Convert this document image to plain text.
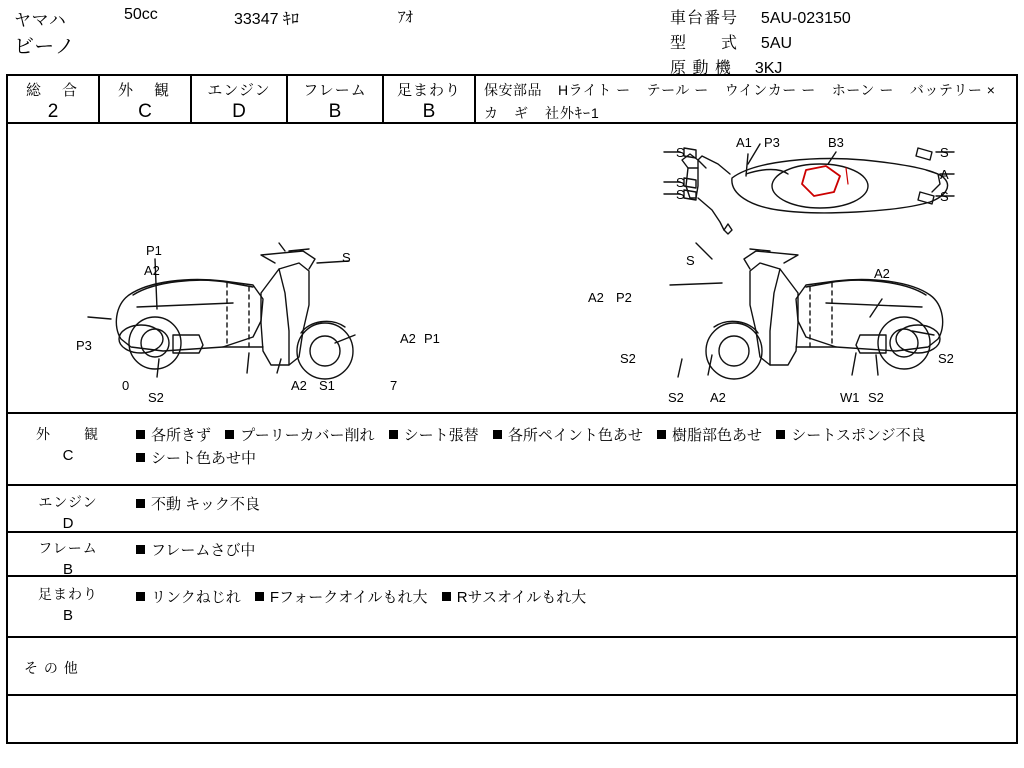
ヤマハ
ビーノ
50cc	33347 ｷﾛ	ｱｵ	車台番号 5AU-023150
型　　式 5AU
原 動 機 3KJ
総　合
2
外　観
C
エンジン
D
フレーム
B
足まわり
B
保安部品 Hライト ー テール ー ウインカー ー ホーン ー バッテリー ×
カ　ギ 社外ｷｰ1
A1 P3	B3
S
S
S
S
A
S
P1
A2
S
P3
0
S2
A2 S1	7
A2 P1
S
A2 P2
A2
S2
S2 A2	W1 S2
S2
外　　観
C
各所きず プーリーカバー削れ シート張替 各所ペイント色あせ 樹脂部色あせ シートスポンジ不良 シート色あせ中
エンジン
D
不動 キック不良
フレーム
B
フレームさび中
足まわり
B
リンクねじれ Fフォークオイルもれ大 Rサスオイルもれ大
そ の 他
